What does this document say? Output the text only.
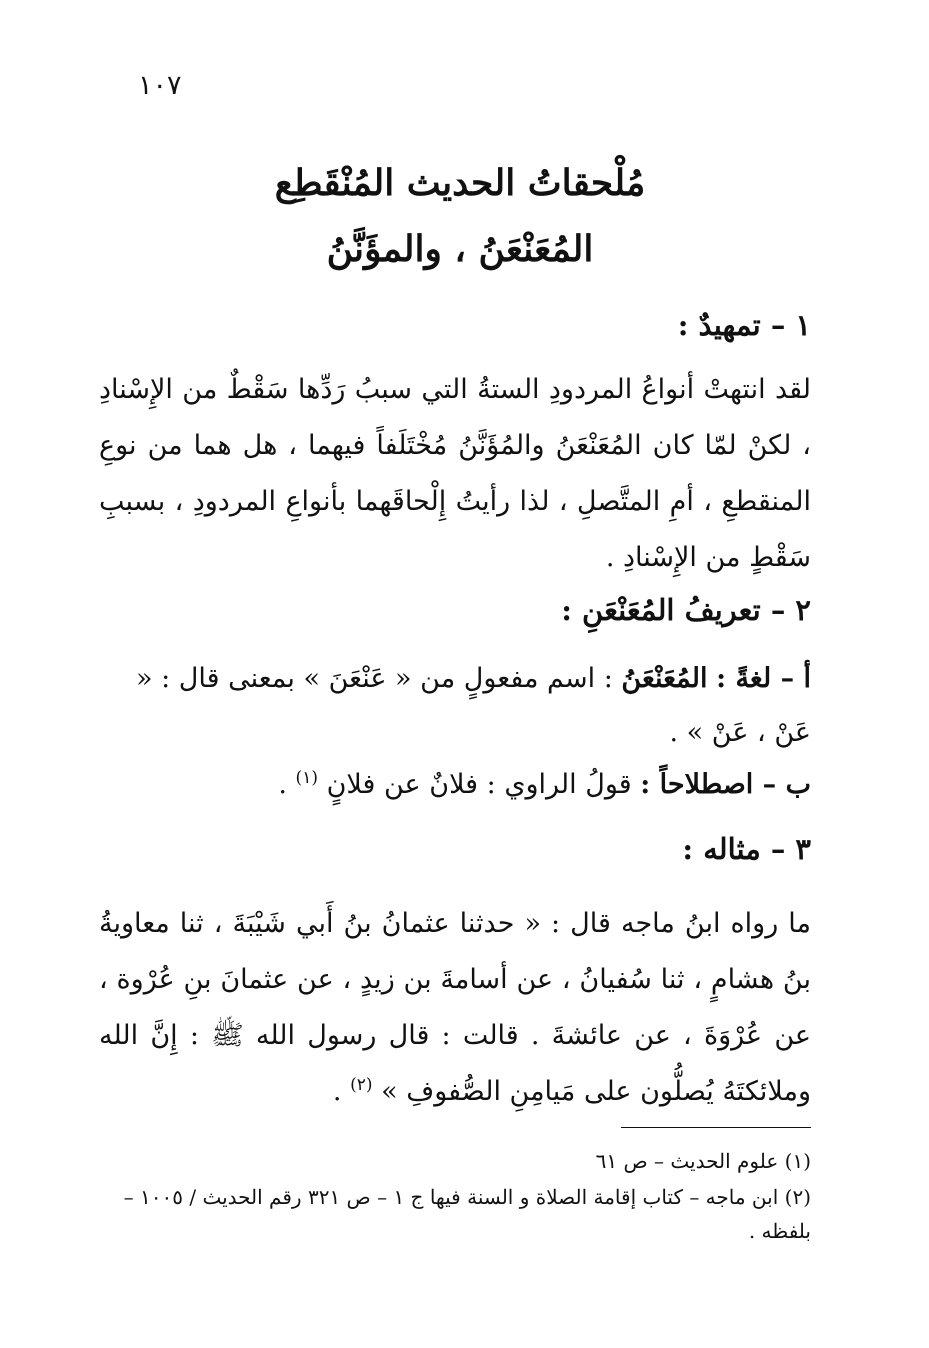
١٠٧
مُلْحقاتُ الحديث المُنْقَطِع
المُعَنْعَنُ ، والمؤَنَّنُ
١ – تمهيدٌ :
لقد انتهتْ أنواعُ المردودِ الستةُ التي سببُ رَدِّها سَقْطٌ من الإِسْنادِ ، لكنْ لمّا كان المُعَنْعَنُ والمُؤَنَّنُ مُخْتَلَفاً فيهما ، هل هما من نوعِ المنقطعِ ، أمِ المتَّصلِ ، لذا رأيتُ إِلْحاقَهما بأنواعِ المردودِ ، بسببِ سَقْطٍ من الإِسْنادِ .
٢ – تعريفُ المُعَنْعَنِ :
أ – لغةً : المُعَنْعَنُ : اسم مفعولٍ من « عَنْعَنَ » بمعنى قال : « عَنْ ، عَنْ » .
ب – اصطلاحاً : قولُ الراوي : فلانٌ عن فلانٍ $^{(١)}$ .
٣ – مثاله :
ما رواه ابنُ ماجه قال : « حدثنا عثمانُ بنُ أَبي شَيْبَةَ ، ثنا معاويةُ بنُ هشامٍ ، ثنا سُفيانُ ، عن أسامةَ بن زيدٍ ، عن عثمانَ بنِ عُرْوة ، عن عُرْوَةَ ، عن عائشةَ . قالت : قال رسول الله ﷺ : إِنَّ الله وملائكتَهُ يُصلُّون على مَيامِنِ الصُّفوفِ » $^{(٢)}$ .
(١) علوم الحديث – ص ٦١
(٢) ابن ماجه – كتاب إقامة الصلاة و السنة فيها ج ١ – ص ٣٢١ رقم الحديث / ١٠٠٥ – بلفظه .
